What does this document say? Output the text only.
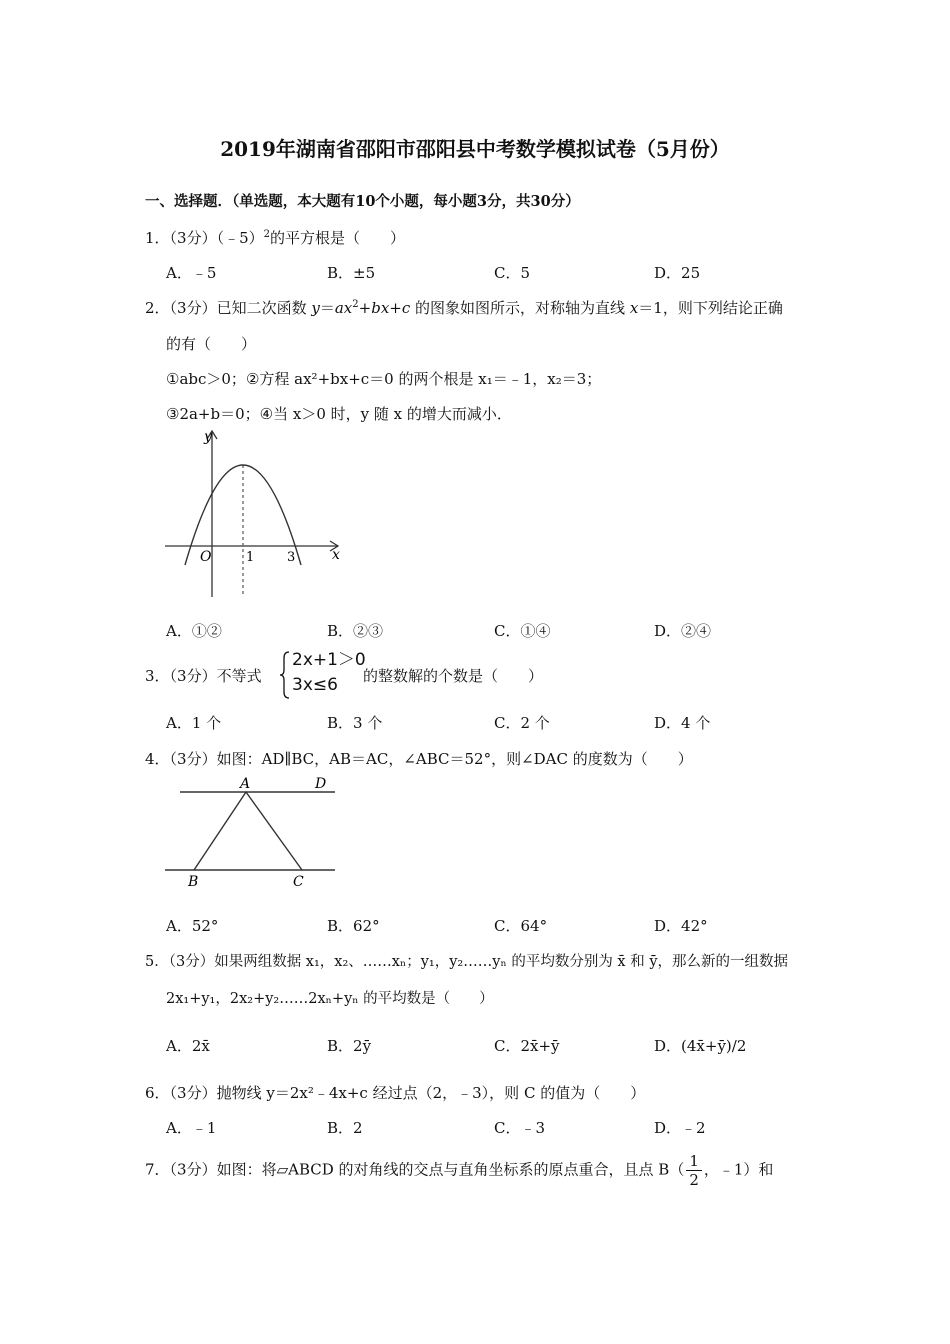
2019年湖南省邵阳市邵阳县中考数学模拟试卷（5月份）
一、选择题．（单选题，本大题有10个小题，每小题3分，共30分）
1．（3分）（﹣5）$^2$的平方根是（　　）
A．﹣5	B．±5	C．5	D．25
2．（3分）已知二次函数 $y=ax^2+bx+c$ 的图象如图所示，对称轴为直线 x＝1，则下列结论正确
的有（　　）
①abc＞0；②方程 ax²+bx+c＝0 的两个根是 x₁＝﹣1，x₂＝3；
③2a+b＝0；④当 x＞0 时，y 随 x 的增大而减小．
y
x
O	1	3
A．①②	B．②③	C．①④	D．②④
3．（3分）不等式
2x+1＞0
3x≤6	的整数解的个数是（　　）
A．1 个	B．3 个	C．2 个	D．4 个
4．（3分）如图：AD∥BC，AB＝AC，∠ABC＝52°，则∠DAC 的度数为（　　）
A	D
B	C
A．52°	B．62°	C．64°	D．42°
5．（3分）如果两组数据 x₁，x₂、……xₙ；y₁，y₂……yₙ 的平均数分别为 x̄ 和 ȳ，那么新的一组数据
2x₁+y₁，2x₂+y₂……2xₙ+yₙ 的平均数是（　　）
A．2x̄	B．2ȳ	C．2x̄+ȳ	D．(4x̄+ȳ)/2
6．（3分）抛物线 y＝2x²﹣4x+c 经过点（2，﹣3），则 C 的值为（　　）
A．﹣1	B．2	C．﹣3	D．﹣2
7．（3分）如图：将▱ABCD 的对角线的交点与直角坐标系的原点重合，且点 $B( \frac{1}{2}$ ，﹣1）和
